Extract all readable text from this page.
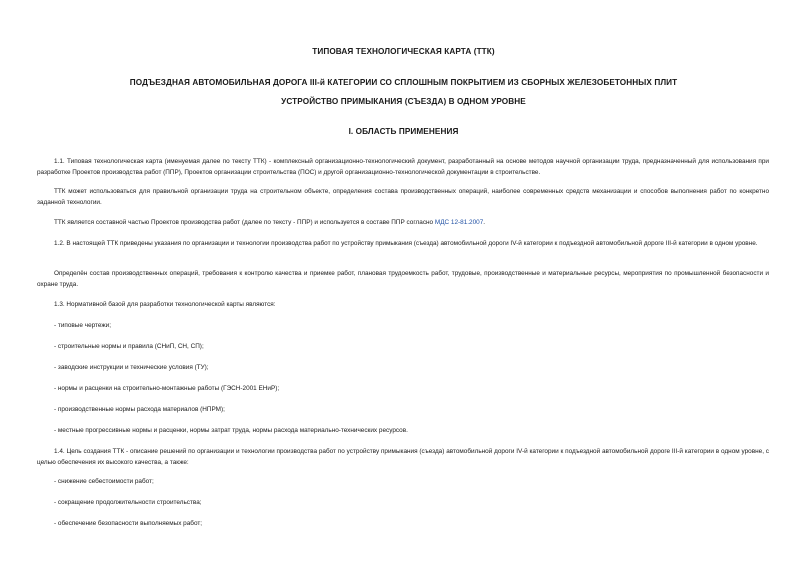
ТИПОВАЯ ТЕХНОЛОГИЧЕСКАЯ КАРТА (ТТК)
ПОДЪЕЗДНАЯ АВТОМОБИЛЬНАЯ ДОРОГА III-й КАТЕГОРИИ СО СПЛОШНЫМ ПОКРЫТИЕМ ИЗ СБОРНЫХ ЖЕЛЕЗОБЕТОННЫХ ПЛИТ
УСТРОЙСТВО ПРИМЫКАНИЯ (СЪЕЗДА) В ОДНОМ УРОВНЕ
I. ОБЛАСТЬ ПРИМЕНЕНИЯ

1.1. Типовая технологическая карта (именуемая далее по тексту ТТК) - комплексный организационно-технологический документ, разработанный на основе методов научной организации труда, предназначенный для использования при разработке Проектов производства работ (ППР), Проектов организации строительства (ПОС) и другой организационно-технологической документации в строительстве.

ТТК может использоваться для правильной организации труда на строительном объекте, определения состава производственных операций, наиболее современных средств механизации и способов выполнения работ по конкретно заданной технологии.

ТТК является составной частью Проектов производства работ (далее по тексту - ППР) и используется в составе ППР согласно МДС 12-81.2007.

1.2. В настоящей ТТК приведены указания по организации и технологии производства работ по устройству примыкания (съезда) автомобильной дороги IV-й категории к подъездной автомобильной дороге III-й категории в одном уровне.

Определён состав производственных операций, требования к контролю качества и приемке работ, плановая трудоемкость работ, трудовые, производственные и материальные ресурсы, мероприятия по промышленной безопасности и охране труда.

1.3. Нормативной базой для разработки технологической карты являются:

- типовые чертежи;

- строительные нормы и правила (СНиП, СН, СП);

- заводские инструкции и технические условия (ТУ);

- нормы и расценки на строительно-монтажные работы (ГЭСН-2001 ЕНиР);

- производственные нормы расхода материалов (НПРМ);

- местные прогрессивные нормы и расценки, нормы затрат труда, нормы расхода материально-технических ресурсов.

1.4. Цель создания ТТК - описание решений по организации и технологии производства работ по устройству примыкания (съезда) автомобильной дороги IV-й категории к подъездной автомобильной дороге III-й категории в одном уровне, с целью обеспечения их высокого качества, а также:

- снижение себестоимости работ;

- сокращение продолжительности строительства;

- обеспечение безопасности выполняемых работ;
